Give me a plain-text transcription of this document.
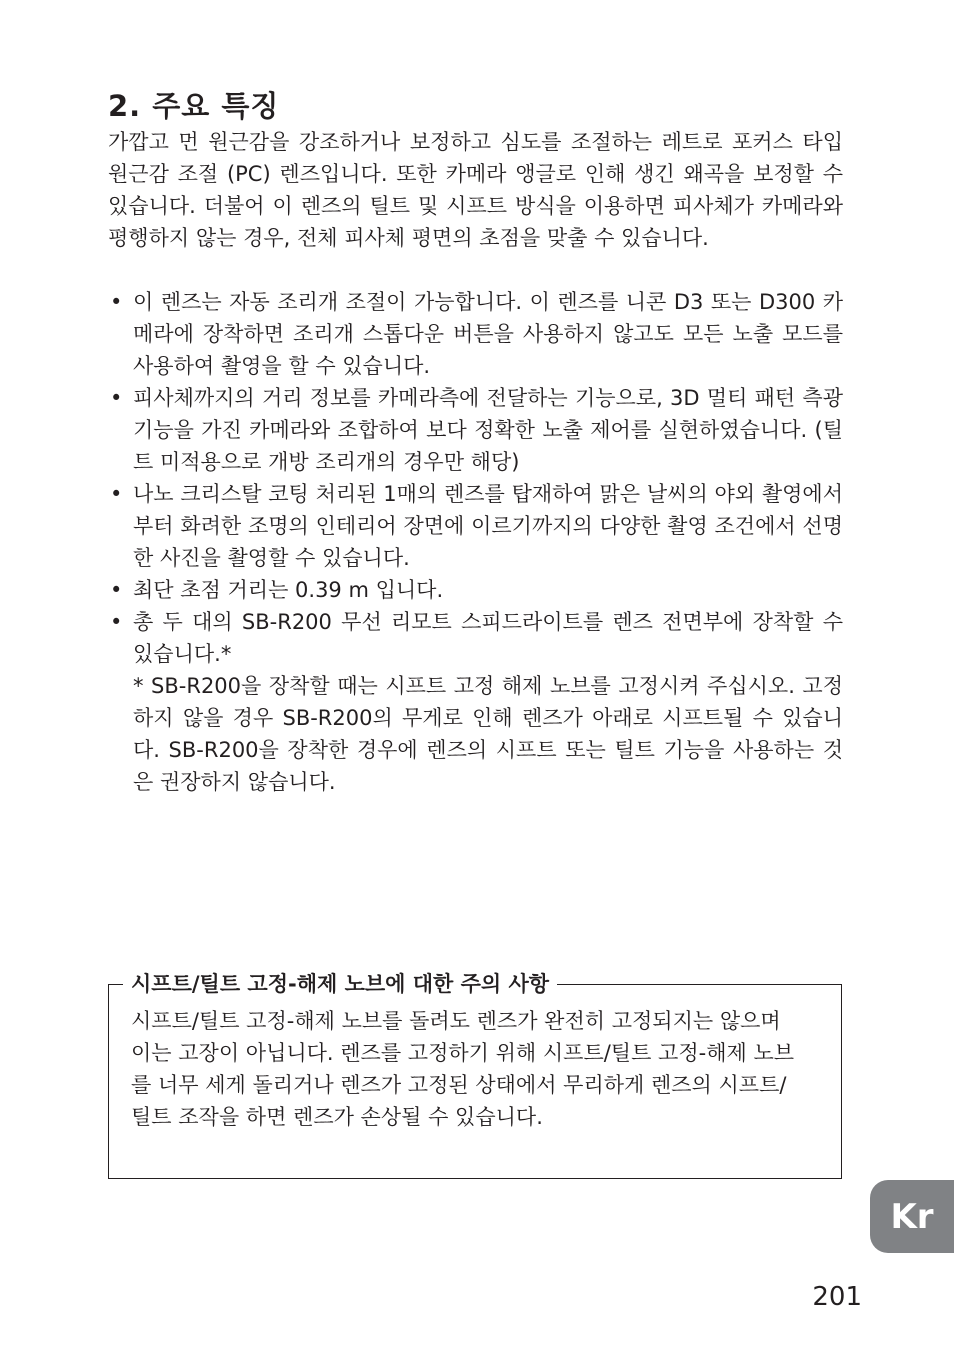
2. 주요 특징

가깝고 먼 원근감을 강조하거나 보정하고 심도를 조절하는 레트로 포커스 타입 원근감 조절 (PC) 렌즈입니다. 또한 카메라 앵글로 인해 생긴 왜곡을 보정할 수 있습니다. 더불어 이 렌즈의 틸트 및 시프트 방식을 이용하면 피사체가 카메라와 평행하지 않는 경우, 전체 피사체 평면의 초점을 맞출 수 있습니다.

• 이 렌즈는 자동 조리개 조절이 가능합니다. 이 렌즈를 니콘 D3 또는 D300 카메라에 장착하면 조리개 스톱다운 버튼을 사용하지 않고도 모든 노출 모드를 사용하여 촬영을 할 수 있습니다.
• 피사체까지의 거리 정보를 카메라측에 전달하는 기능으로, 3D 멀티 패턴 측광 기능을 가진 카메라와 조합하여 보다 정확한 노출 제어를 실현하였습니다. (틸트 미적용으로 개방 조리개의 경우만 해당)
• 나노 크리스탈 코팅 처리된 1매의 렌즈를 탑재하여 맑은 날씨의 야외 촬영에서부터 화려한 조명의 인테리어 장면에 이르기까지의 다양한 촬영 조건에서 선명한 사진을 촬영할 수 있습니다.
• 최단 초점 거리는 0.39 m 입니다.
• 총 두 대의 SB-R200 무선 리모트 스피드라이트를 렌즈 전면부에 장착할 수 있습니다.*
* SB-R200을 장착할 때는 시프트 고정 해제 노브를 고정시켜 주십시오. 고정하지 않을 경우 SB-R200의 무게로 인해 렌즈가 아래로 시프트될 수 있습니다. SB-R200을 장착한 경우에 렌즈의 시프트 또는 틸트 기능을 사용하는 것은 권장하지 않습니다.
시프트/틸트 고정-해제 노브에 대한 주의 사항

시프트/틸트 고정-해제 노브를 돌려도 렌즈가 완전히 고정되지는 않으며 이는 고장이 아닙니다. 렌즈를 고정하기 위해 시프트/틸트 고정-해제 노브를 너무 세게 돌리거나 렌즈가 고정된 상태에서 무리하게 렌즈의 시프트/틸트 조작을 하면 렌즈가 손상될 수 있습니다.

Kr
201
